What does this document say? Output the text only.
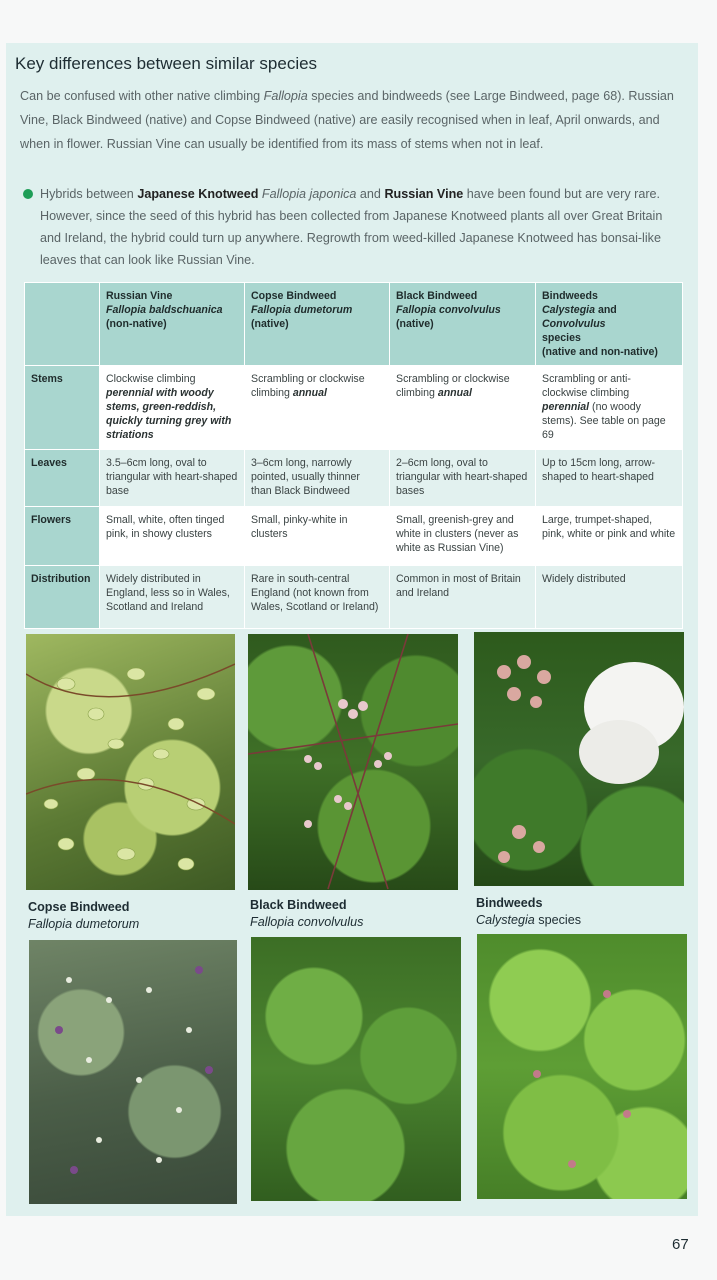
Key differences between similar species
Can be confused with other native climbing Fallopia species and bindweeds (see Large Bindweed, page 68). Russian Vine, Black Bindweed (native) and Copse Bindweed (native) are easily recognised when in leaf, April onwards, and when in flower. Russian Vine can usually be identified from its mass of stems when not in leaf.
Hybrids between Japanese Knotweed Fallopia japonica and Russian Vine have been found but are very rare. However, since the seed of this hybrid has been collected from Japanese Knotweed plants all over Great Britain and Ireland, the hybrid could turn up anywhere. Regrowth from weed-killed Japanese Knotweed has bonsai-like leaves that can look like Russian Vine.
	Russian Vine
Fallopia baldschuanica
(non-native)	Copse Bindweed
Fallopia dumetorum
(native)	Black Bindweed
Fallopia convolvulus
(native)	Bindweeds
Calystegia and Convolvulus
species
(native and non-native)
Stems	Clockwise climbing perennial with woody stems, green-reddish, quickly turning grey with striations	Scrambling or clockwise climbing annual	Scrambling or clockwise climbing annual	Scrambling or anti-clockwise climbing perennial (no woody stems). See table on page 69
Leaves	3.5–6cm long, oval to triangular with heart-shaped base	3–6cm long, narrowly pointed, usually thinner than Black Bindweed	2–6cm long, oval to triangular with heart-shaped bases	Up to 15cm long, arrow-shaped to heart-shaped
Flowers	Small, white, often tinged pink, in showy clusters	Small, pinky-white in clusters	Small, greenish-grey and white in clusters (never as white as Russian Vine)	Large, trumpet-shaped, pink, white or pink and white
Distribution	Widely distributed in England, less so in Wales, Scotland and Ireland	Rare in south-central England (not known from Wales, Scotland or Ireland)	Common in most of Britain and Ireland	Widely distributed
Copse Bindweed
Fallopia dumetorum
Black Bindweed
Fallopia convolvulus
Bindweeds
Calystegia species
67
